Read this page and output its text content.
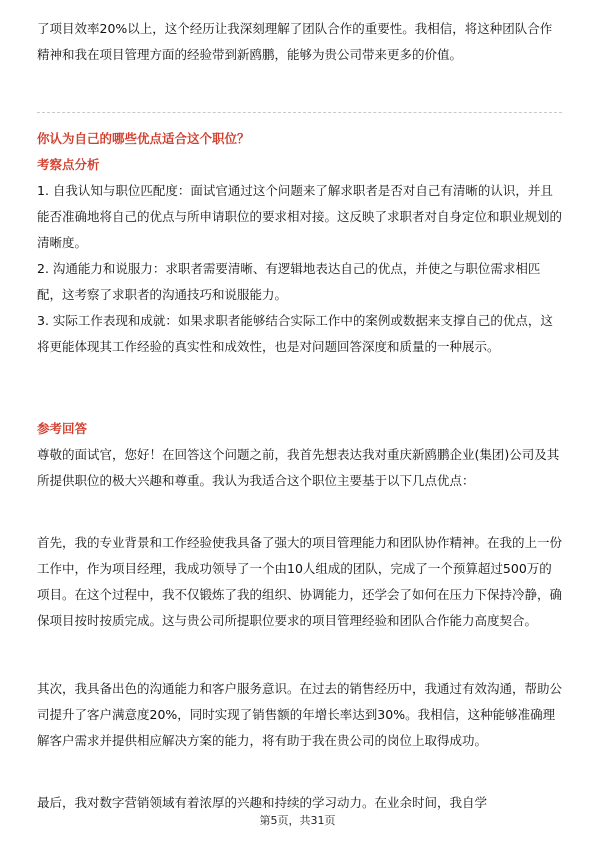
了项目效率20%以上，这个经历让我深刻理解了团队合作的重要性。我相信，将这种团队合作精神和我在项目管理方面的经验带到新鸥鹏，能够为贵公司带来更多的价值。
你认为自己的哪些优点适合这个职位？
考察点分析
1. 自我认知与职位匹配度：面试官通过这个问题来了解求职者是否对自己有清晰的认识，并且能否准确地将自己的优点与所申请职位的要求相对接。这反映了求职者对自身定位和职业规划的清晰度。
2. 沟通能力和说服力：求职者需要清晰、有逻辑地表达自己的优点，并使之与职位需求相匹配，这考察了求职者的沟通技巧和说服能力。
3. 实际工作表现和成就：如果求职者能够结合实际工作中的案例或数据来支撑自己的优点，这将更能体现其工作经验的真实性和成效性，也是对问题回答深度和质量的一种展示。
参考回答
尊敬的面试官，您好！在回答这个问题之前，我首先想表达我对重庆新鸥鹏企业(集团)公司及其所提供职位的极大兴趣和尊重。我认为我适合这个职位主要基于以下几点优点：
首先，我的专业背景和工作经验使我具备了强大的项目管理能力和团队协作精神。在我的上一份工作中，作为项目经理，我成功领导了一个由10人组成的团队，完成了一个预算超过500万的项目。在这个过程中，我不仅锻炼了我的组织、协调能力，还学会了如何在压力下保持冷静，确保项目按时按质完成。这与贵公司所提职位要求的项目管理经验和团队合作能力高度契合。
其次，我具备出色的沟通能力和客户服务意识。在过去的销售经历中，我通过有效沟通，帮助公司提升了客户满意度20%，同时实现了销售额的年增长率达到30%。我相信，这种能够准确理解客户需求并提供相应解决方案的能力，将有助于我在贵公司的岗位上取得成功。
最后，我对数字营销领域有着浓厚的兴趣和持续的学习动力。在业余时间，我自学
第5页，共31页
